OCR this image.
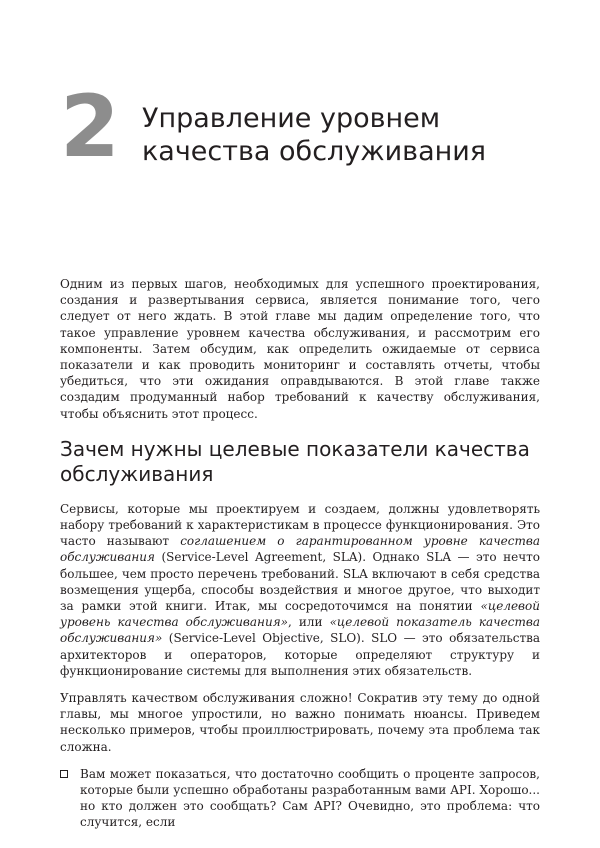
2 Управление уровнем
качества обслуживания

Одним из первых шагов, необходимых для успешного проектирования, создания и развертывания сервиса, является понимание того, чего следует от него ждать. В этой главе мы дадим определение того, что такое управление уровнем качества обслуживания, и рассмотрим его компоненты. Затем обсудим, как определить ожидаемые от сервиса показатели и как проводить мониторинг и составлять отчеты, чтобы убедиться, что эти ожидания оправдываются. В этой главе также создадим продуманный набор требований к качеству обслуживания, чтобы объяснить этот процесс.

Зачем нужны целевые показатели качества
обслуживания

Сервисы, которые мы проектируем и создаем, должны удовлетворять набору требований к характеристикам в процессе функционирования. Это часто называют соглашением о гарантированном уровне качества обслуживания (Service-Level Agreement, SLA). Однако SLA — это нечто большее, чем просто перечень требований. SLA включают в себя средства возмещения ущерба, способы воздействия и многое другое, что выходит за рамки этой книги. Итак, мы сосредоточимся на понятии «целевой уровень качества обслуживания», или «целевой показатель качества обслуживания» (Service-Level Objective, SLO). SLO — это обязательства архитекторов и операторов, которые определяют структуру и функционирование системы для выполнения этих обязательств.

Управлять качеством обслуживания сложно! Сократив эту тему до одной главы, мы многое упростили, но важно понимать нюансы. Приведем несколько примеров, чтобы проиллюстрировать, почему эта проблема так сложна.

Вам может показаться, что достаточно сообщить о проценте запросов, которые были успешно обработаны разработанным вами API. Хорошо... но кто должен это сообщать? Сам API? Очевидно, это проблема: что случится, если
